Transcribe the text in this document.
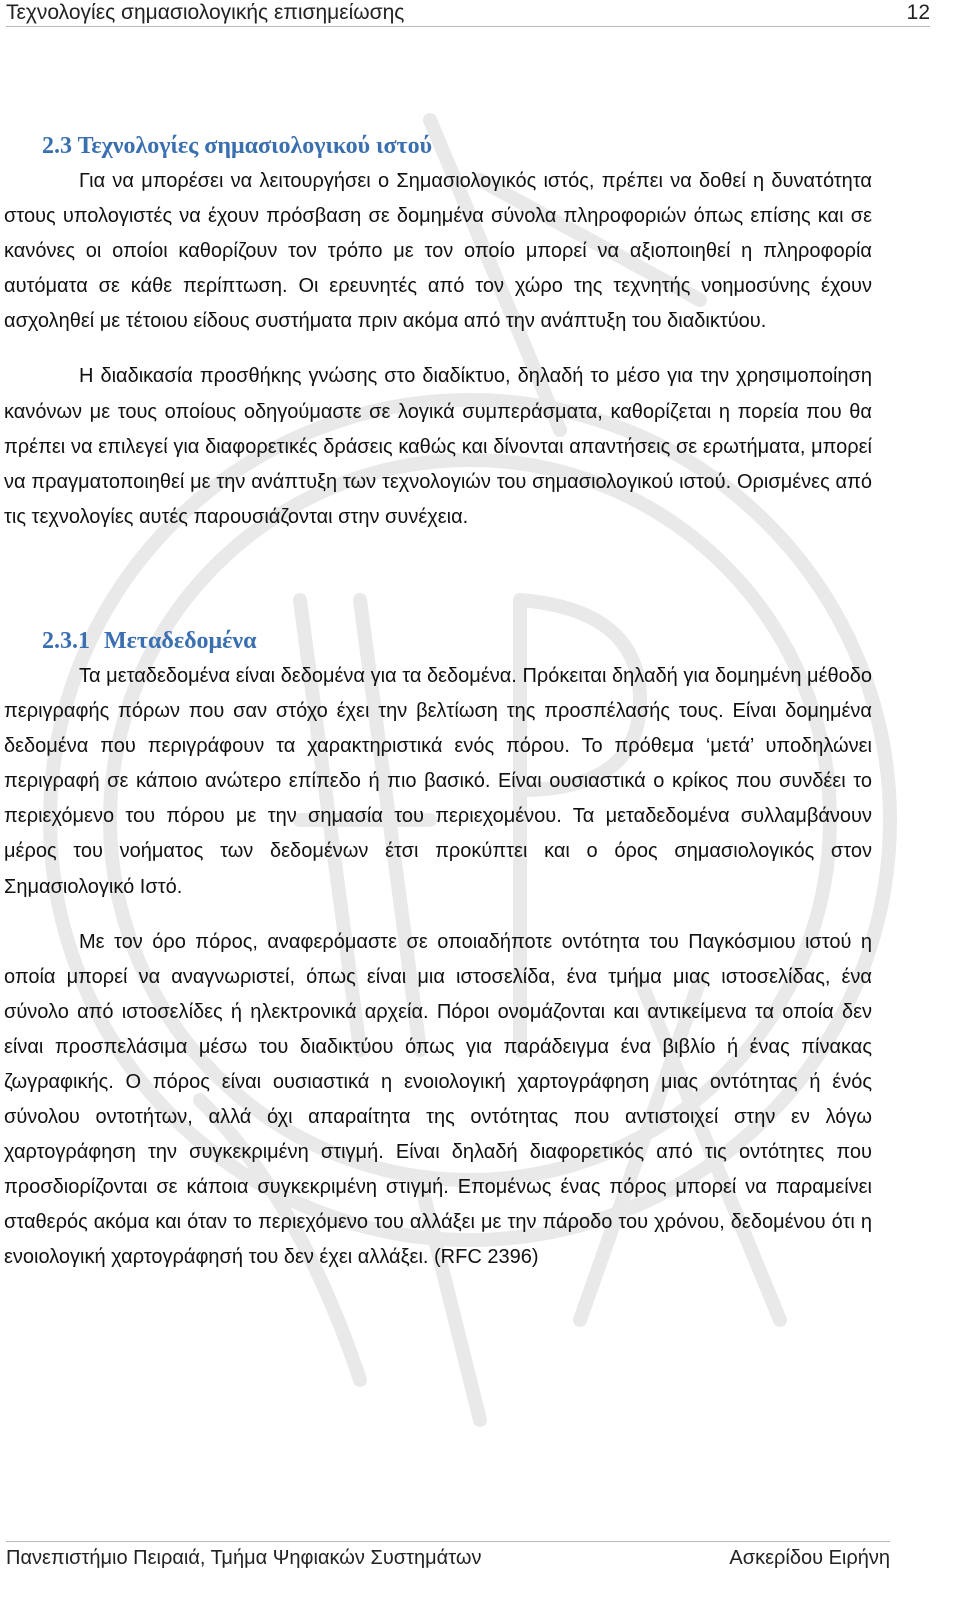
Τεχνολογίες σημασιολογικής επισημείωσης	12
2.3 Τεχνολογίες σημασιολογικού ιστού

Για να μπορέσει να λειτουργήσει ο Σημασιολογικός ιστός, πρέπει να δοθεί η δυνατότητα στους υπολογιστές να έχουν πρόσβαση σε δομημένα σύνολα πληροφοριών όπως επίσης και σε κανόνες οι οποίοι καθορίζουν τον τρόπο με τον οποίο μπορεί να αξιοποιηθεί η πληροφορία αυτόματα σε κάθε περίπτωση. Οι ερευνητές από τον χώρο της τεχνητής νοημοσύνης έχουν ασχοληθεί με τέτοιου είδους συστήματα πριν ακόμα από την ανάπτυξη του διαδικτύου.

Η διαδικασία προσθήκης γνώσης στο διαδίκτυο, δηλαδή το μέσο για την χρησιμοποίηση κανόνων με τους οποίους οδηγούμαστε σε λογικά συμπεράσματα, καθορίζεται η πορεία που θα πρέπει να επιλεγεί για διαφορετικές δράσεις καθώς και δίνονται απαντήσεις σε ερωτήματα, μπορεί να πραγματοποιηθεί με την ανάπτυξη των τεχνολογιών του σημασιολογικού ιστού. Ορισμένες από τις τεχνολογίες αυτές παρουσιάζονται στην συνέχεια.

2.3.1 Μεταδεδομένα

Τα μεταδεδομένα είναι δεδομένα για τα δεδομένα. Πρόκειται δηλαδή για δομημένη μέθοδο περιγραφής πόρων που σαν στόχο έχει την βελτίωση της προσπέλασής τους. Είναι δομημένα δεδομένα που περιγράφουν τα χαρακτηριστικά ενός πόρου. Το πρόθεμα ‘μετά’ υποδηλώνει περιγραφή σε κάποιο ανώτερο επίπεδο ή πιο βασικό. Είναι ουσιαστικά ο κρίκος που συνδέει το περιεχόμενο του πόρου με την σημασία του περιεχομένου. Τα μεταδεδομένα συλλαμβάνουν μέρος του νοήματος των δεδομένων έτσι προκύπτει και ο όρος σημασιολογικός στον Σημασιολογικό Ιστό.

Με τον όρο πόρος, αναφερόμαστε σε οποιαδήποτε οντότητα του Παγκόσμιου ιστού η οποία μπορεί να αναγνωριστεί, όπως είναι μια ιστοσελίδα, ένα τμήμα μιας ιστοσελίδας, ένα σύνολο από ιστοσελίδες ή ηλεκτρονικά αρχεία. Πόροι ονομάζονται και αντικείμενα τα οποία δεν είναι προσπελάσιμα μέσω του διαδικτύου όπως για παράδειγμα ένα βιβλίο ή ένας πίνακας ζωγραφικής. Ο πόρος είναι ουσιαστικά η ενοιολογική χαρτογράφηση μιας οντότητας ή ένός σύνολου οντοτήτων, αλλά όχι απαραίτητα της οντότητας που αντιστοιχεί στην εν λόγω χαρτογράφηση την συγκεκριμένη στιγμή. Είναι δηλαδή διαφορετικός από τις οντότητες που προσδιορίζονται σε κάποια συγκεκριμένη στιγμή. Επομένως ένας πόρος μπορεί να παραμείνει σταθερός ακόμα και όταν το περιεχόμενο του αλλάξει με την πάροδο του χρόνου, δεδομένου ότι η ενοιολογική χαρτογράφησή του δεν έχει αλλάξει. (RFC 2396)

Πανεπιστήμιο Πειραιά, Τμήμα Ψηφιακών Συστημάτων	Ασκερίδου Ειρήνη
